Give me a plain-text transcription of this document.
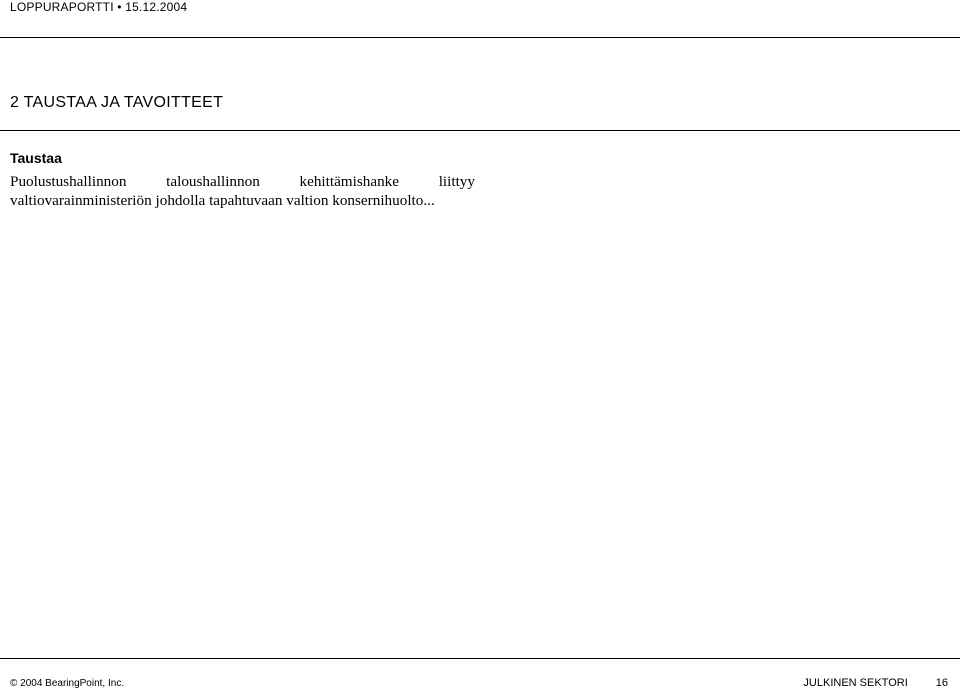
LOPPURAPORTTI • 15.12.2004
2 TAUSTAA JA TAVOITTEET
Taustaa

Puolustushallinnon taloushallinnon kehittämishanke liittyy valtiovarainministeriön johdolla tapahtuvaan valtion konsernihuolto...

© 2004 BearingPoint, Inc.	JULKINEN SEKTORI	16
